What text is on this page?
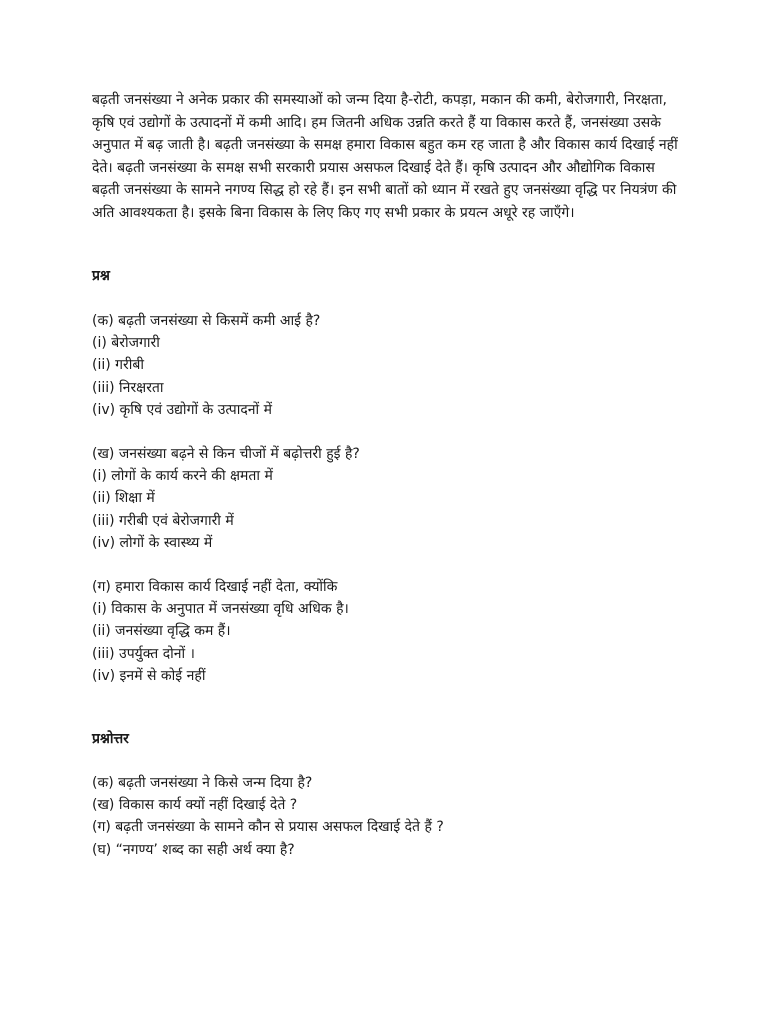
बढ़ती जनसंख्या ने अनेक प्रकार की समस्याओं को जन्म दिया है-रोटी, कपड़ा, मकान की कमी, बेरोजगारी, निरक्षता, कृषि एवं उद्योगों के उत्पादनों में कमी आदि। हम जितनी अधिक उन्नति करते हैं या विकास करते हैं, जनसंख्या उसके अनुपात में बढ़ जाती है। बढ़ती जनसंख्या के समक्ष हमारा विकास बहुत कम रह जाता है और विकास कार्य दिखाई नहीं देते। बढ़ती जनसंख्या के समक्ष सभी सरकारी प्रयास असफल दिखाई देते हैं। कृषि उत्पादन और औद्योगिक विकास बढ़ती जनसंख्या के सामने नगण्य सिद्ध हो रहे हैं। इन सभी बातों को ध्यान में रखते हुए जनसंख्या वृद्धि पर नियत्रंण की अति आवश्यकता है। इसके बिना विकास के लिए किए गए सभी प्रकार के प्रयत्न अधूरे रह जाएँगे।

प्रश्न
(क) बढ़ती जनसंख्या से किसमें कमी आई है?
(i) बेरोजगारी
(ii) गरीबी
(iii) निरक्षरता
(iv) कृषि एवं उद्योगों के उत्पादनों में
(ख) जनसंख्या बढ़ने से किन चीजों में बढ़ोत्तरी हुई है?
(i) लोगों के कार्य करने की क्षमता में
(ii) शिक्षा में
(iii) गरीबी एवं बेरोजगारी में
(iv) लोगों के स्वास्थ्य में
(ग) हमारा विकास कार्य दिखाई नहीं देता, क्योंकि
(i) विकास के अनुपात में जनसंख्या वृधि अधिक है।
(ii) जनसंख्या वृद्धि कम हैं।
(iii) उपर्युक्त दोनों ।
(iv) इनमें से कोई नहीं
प्रश्नोत्तर
(क) बढ़ती जनसंख्या ने किसे जन्म दिया है?
(ख) विकास कार्य क्यों नहीं दिखाई देते ?
(ग) बढ़ती जनसंख्या के सामने कौन से प्रयास असफल दिखाई देते हैं ?
(घ) “नगण्य’ शब्द का सही अर्थ क्या है?
